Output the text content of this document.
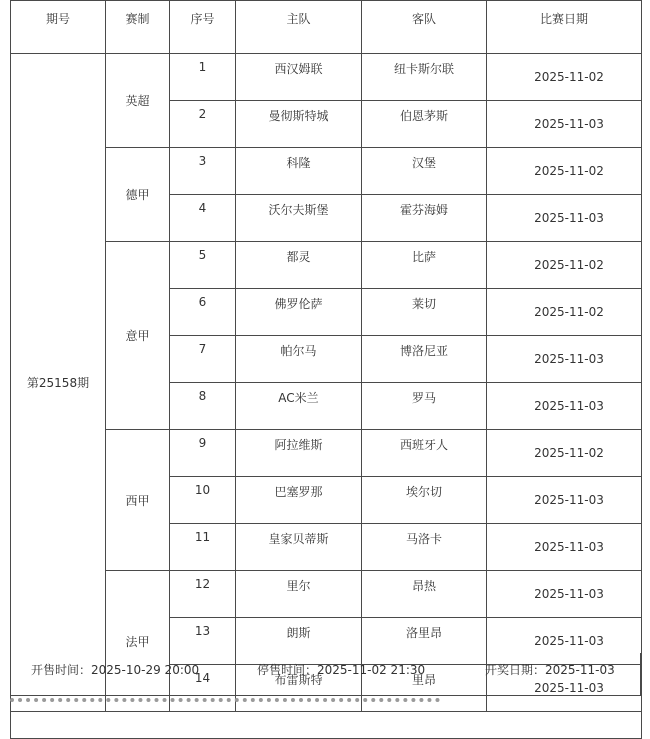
期号	赛制	序号	主队	客队	比赛日期
第25158期	英超	1	西汉姆联	纽卡斯尔联	2025-11-02
		2	曼彻斯特城	伯恩茅斯	2025-11-03
	德甲	3	科隆	汉堡	2025-11-02
		4	沃尔夫斯堡	霍芬海姆	2025-11-03
	意甲	5	都灵	比萨	2025-11-02
		6	佛罗伦萨	莱切	2025-11-02
		7	帕尔马	博洛尼亚	2025-11-03
		8	AC米兰	罗马	2025-11-03
	西甲	9	阿拉维斯	西班牙人	2025-11-02
		10	巴塞罗那	埃尔切	2025-11-03
		11	皇家贝蒂斯	马洛卡	2025-11-03
	法甲	12	里尔	昂热	2025-11-03
		13	朗斯	洛里昂	2025-11-03
		14	布雷斯特	里昂	2025-11-03

开售时间：2025-10-29 20:00	停售时间：2025-11-02 21:30	开奖日期：2025-11-03
